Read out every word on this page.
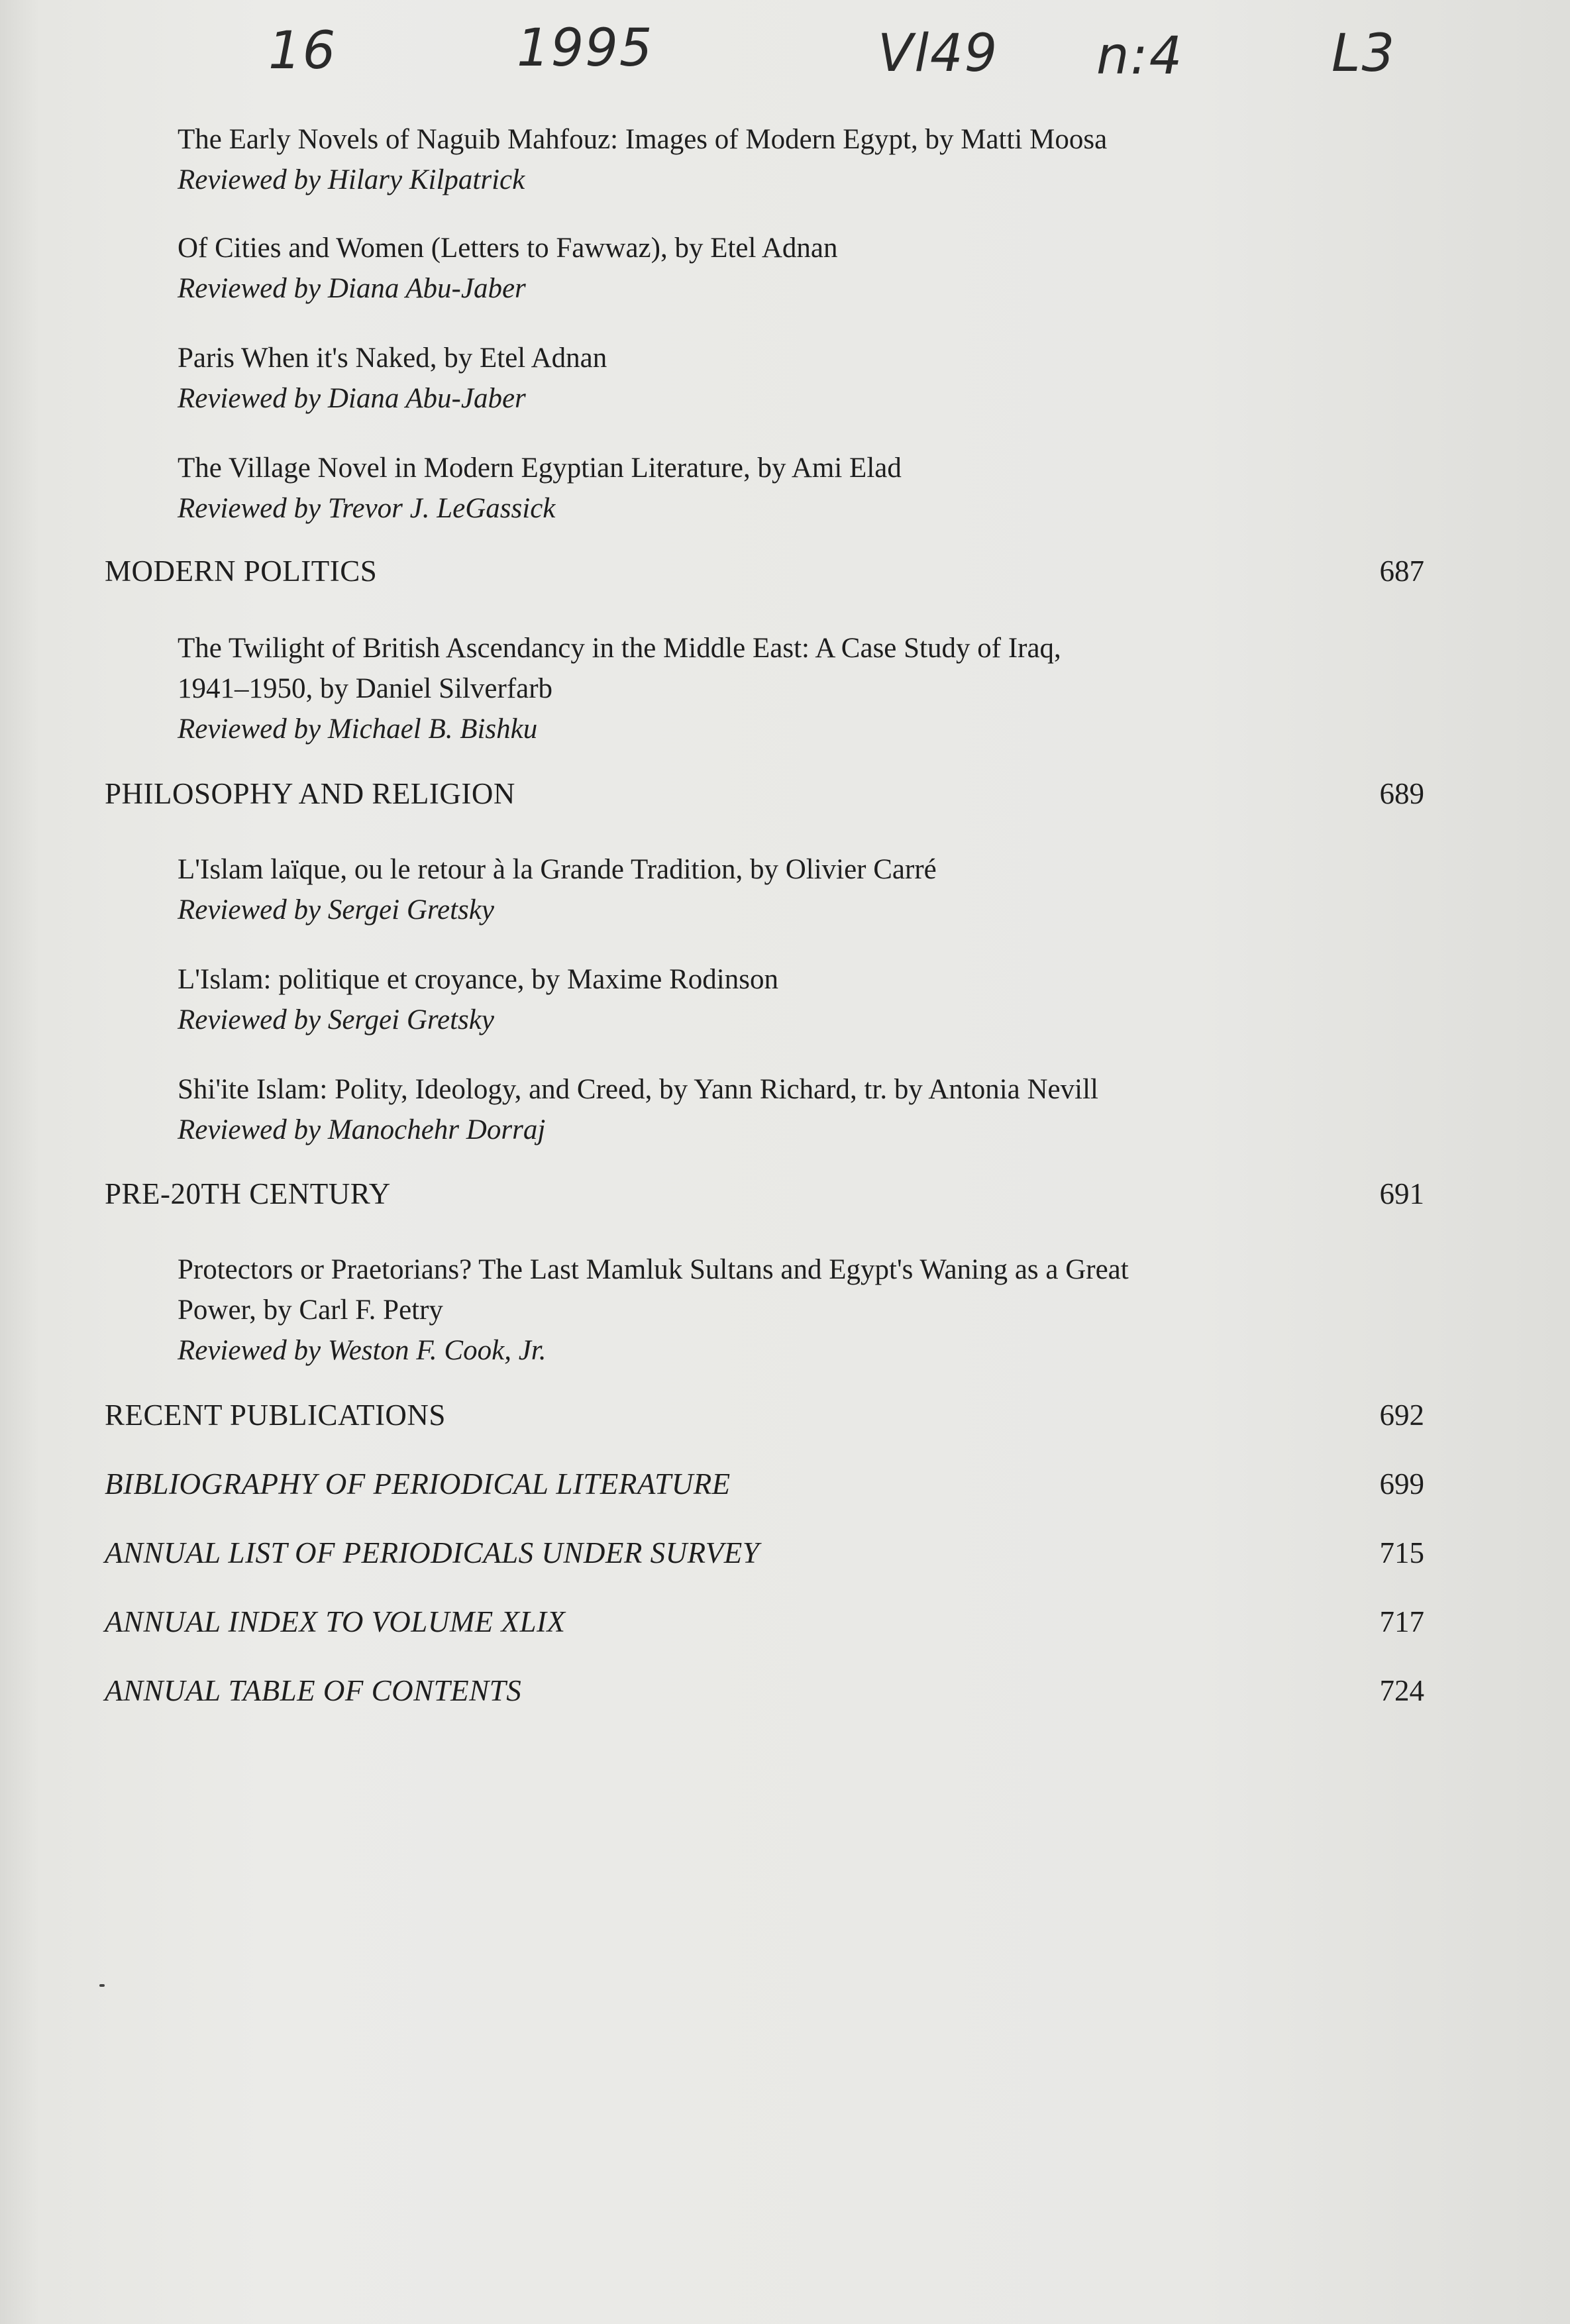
16	1995	Vl49 n:4	L3
The Early Novels of Naguib Mahfouz: Images of Modern Egypt, by Matti Moosa
Reviewed by Hilary Kilpatrick
Of Cities and Women (Letters to Fawwaz), by Etel Adnan
Reviewed by Diana Abu-Jaber
Paris When it's Naked, by Etel Adnan
Reviewed by Diana Abu-Jaber
The Village Novel in Modern Egyptian Literature, by Ami Elad
Reviewed by Trevor J. LeGassick
MODERN POLITICS	687
The Twilight of British Ascendancy in the Middle East: A Case Study of Iraq,
1941–1950, by Daniel Silverfarb
Reviewed by Michael B. Bishku
PHILOSOPHY AND RELIGION	689
L'Islam laïque, ou le retour à la Grande Tradition, by Olivier Carré
Reviewed by Sergei Gretsky
L'Islam: politique et croyance, by Maxime Rodinson
Reviewed by Sergei Gretsky
Shi'ite Islam: Polity, Ideology, and Creed, by Yann Richard, tr. by Antonia Nevill
Reviewed by Manochehr Dorraj
PRE-20TH CENTURY	691
Protectors or Praetorians? The Last Mamluk Sultans and Egypt's Waning as a Great
Power, by Carl F. Petry
Reviewed by Weston F. Cook, Jr.
RECENT PUBLICATIONS	692
BIBLIOGRAPHY OF PERIODICAL LITERATURE	699
ANNUAL LIST OF PERIODICALS UNDER SURVEY	715
ANNUAL INDEX TO VOLUME XLIX	717
ANNUAL TABLE OF CONTENTS	724
